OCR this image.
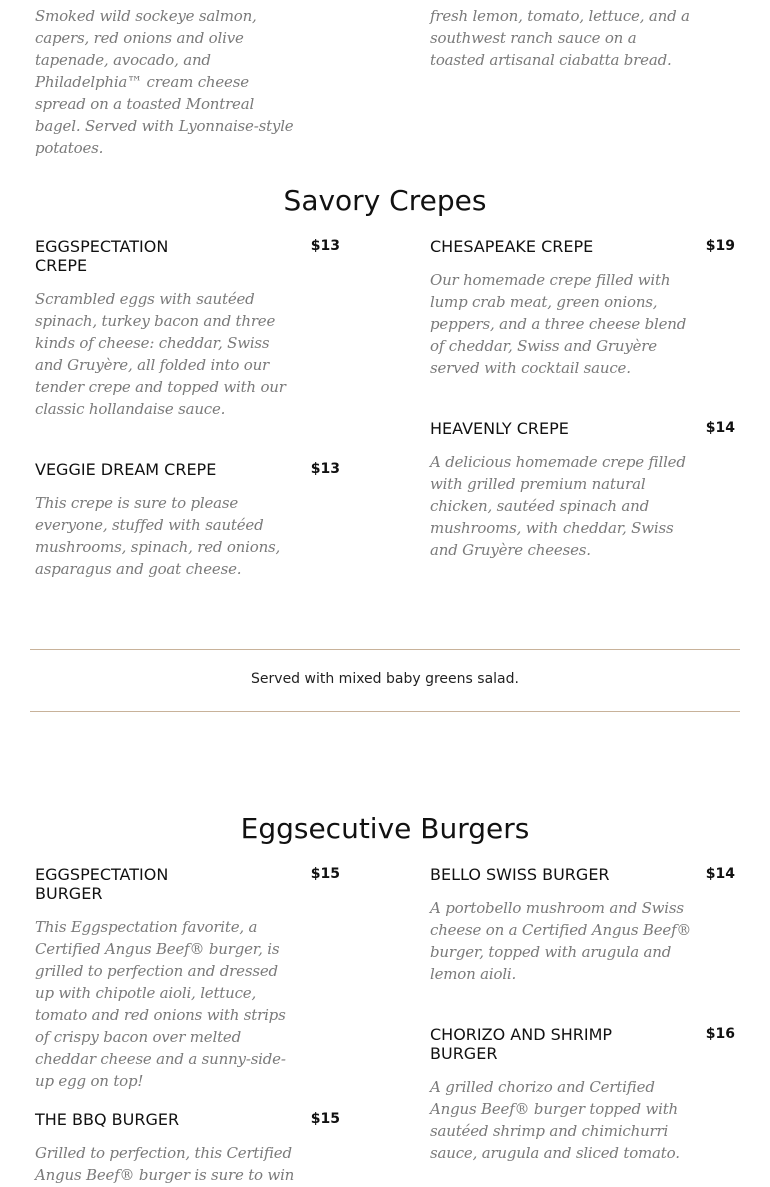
Smoked wild sockeye salmon, capers, red onions and olive tapenade, avocado, and Philadelphia™ cream cheese spread on a toasted Montreal bagel. Served with Lyonnaise-style potatoes.

fresh lemon, tomato, lettuce, and a southwest ranch sauce on a toasted artisanal ciabatta bread.

Savory Crepes
EGGSPECTATION CREPE
$13

Scrambled eggs with sautéed spinach, turkey bacon and three kinds of cheese: cheddar, Swiss and Gruyère, all folded into our tender crepe and topped with our classic hollandaise sauce.

VEGGIE DREAM CREPE	$13

This crepe is sure to please everyone, stuffed with sautéed mushrooms, spinach, red onions, asparagus and goat cheese.

CHESAPEAKE CREPE	$19

Our homemade crepe filled with lump crab meat, green onions, peppers, and a three cheese blend of cheddar, Swiss and Gruyère served with cocktail sauce.

HEAVENLY CREPE	$14

A delicious homemade crepe filled with grilled premium natural chicken, sautéed spinach and mushrooms, with cheddar, Swiss and Gruyère cheeses.

Served with mixed baby greens salad.
Eggsecutive Burgers
EGGSPECTATION BURGER
$15

This Eggspectation favorite, a Certified Angus Beef® burger, is grilled to perfection and dressed up with chipotle aioli, lettuce, tomato and red onions with strips of crispy bacon over melted cheddar cheese and a sunny-side-up egg on top!

THE BBQ BURGER	$15

Grilled to perfection, this Certified Angus Beef® burger is sure to win

BELLO SWISS BURGER	$14

A portobello mushroom and Swiss cheese on a Certified Angus Beef® burger, topped with arugula and lemon aioli.

CHORIZO AND SHRIMP BURGER
$16

A grilled chorizo and Certified Angus Beef® burger topped with sautéed shrimp and chimichurri sauce, arugula and sliced tomato.
